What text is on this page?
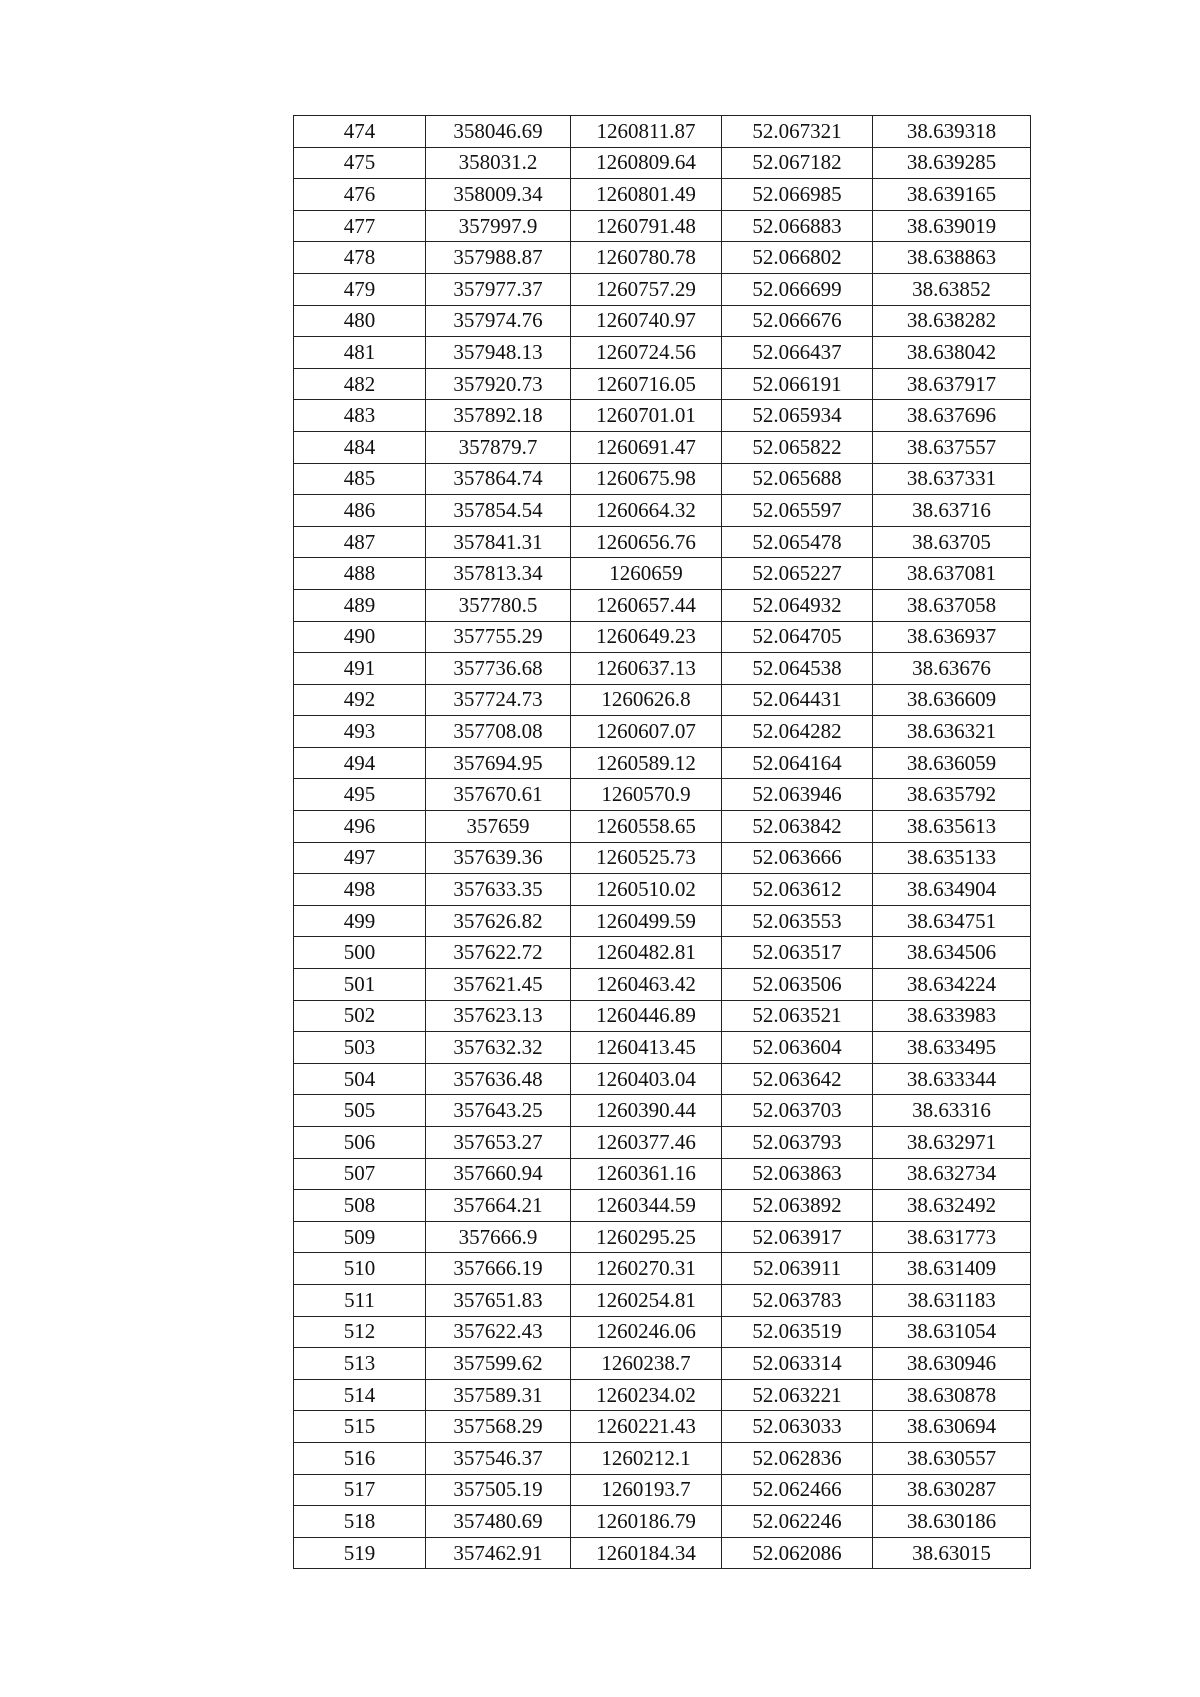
474	358046.69	1260811.87	52.067321	38.639318
475	358031.2	1260809.64	52.067182	38.639285
476	358009.34	1260801.49	52.066985	38.639165
477	357997.9	1260791.48	52.066883	38.639019
478	357988.87	1260780.78	52.066802	38.638863
479	357977.37	1260757.29	52.066699	38.63852
480	357974.76	1260740.97	52.066676	38.638282
481	357948.13	1260724.56	52.066437	38.638042
482	357920.73	1260716.05	52.066191	38.637917
483	357892.18	1260701.01	52.065934	38.637696
484	357879.7	1260691.47	52.065822	38.637557
485	357864.74	1260675.98	52.065688	38.637331
486	357854.54	1260664.32	52.065597	38.63716
487	357841.31	1260656.76	52.065478	38.63705
488	357813.34	1260659	52.065227	38.637081
489	357780.5	1260657.44	52.064932	38.637058
490	357755.29	1260649.23	52.064705	38.636937
491	357736.68	1260637.13	52.064538	38.63676
492	357724.73	1260626.8	52.064431	38.636609
493	357708.08	1260607.07	52.064282	38.636321
494	357694.95	1260589.12	52.064164	38.636059
495	357670.61	1260570.9	52.063946	38.635792
496	357659	1260558.65	52.063842	38.635613
497	357639.36	1260525.73	52.063666	38.635133
498	357633.35	1260510.02	52.063612	38.634904
499	357626.82	1260499.59	52.063553	38.634751
500	357622.72	1260482.81	52.063517	38.634506
501	357621.45	1260463.42	52.063506	38.634224
502	357623.13	1260446.89	52.063521	38.633983
503	357632.32	1260413.45	52.063604	38.633495
504	357636.48	1260403.04	52.063642	38.633344
505	357643.25	1260390.44	52.063703	38.63316
506	357653.27	1260377.46	52.063793	38.632971
507	357660.94	1260361.16	52.063863	38.632734
508	357664.21	1260344.59	52.063892	38.632492
509	357666.9	1260295.25	52.063917	38.631773
510	357666.19	1260270.31	52.063911	38.631409
511	357651.83	1260254.81	52.063783	38.631183
512	357622.43	1260246.06	52.063519	38.631054
513	357599.62	1260238.7	52.063314	38.630946
514	357589.31	1260234.02	52.063221	38.630878
515	357568.29	1260221.43	52.063033	38.630694
516	357546.37	1260212.1	52.062836	38.630557
517	357505.19	1260193.7	52.062466	38.630287
518	357480.69	1260186.79	52.062246	38.630186
519	357462.91	1260184.34	52.062086	38.63015
